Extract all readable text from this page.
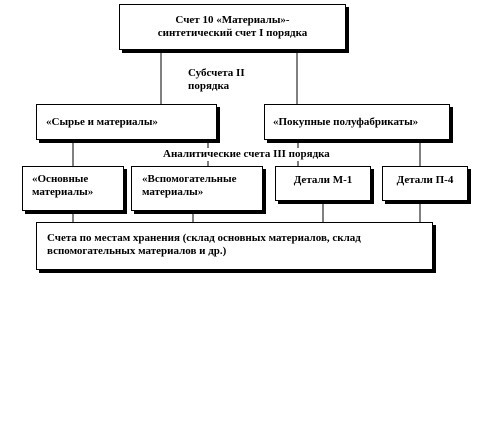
Счет 10 «Материалы»-
синтетический счет I порядка
Субсчета II
порядка
«Сырье и материалы»	«Покупные полуфабрикаты»
Аналитические счета III порядка
«Основные
материалы»
«Вспомогательные
материалы»
Детали М-1	Детали П-4
Счета по местам хранения (склад основных материалов, склад
вспомогательных материалов и др.)
